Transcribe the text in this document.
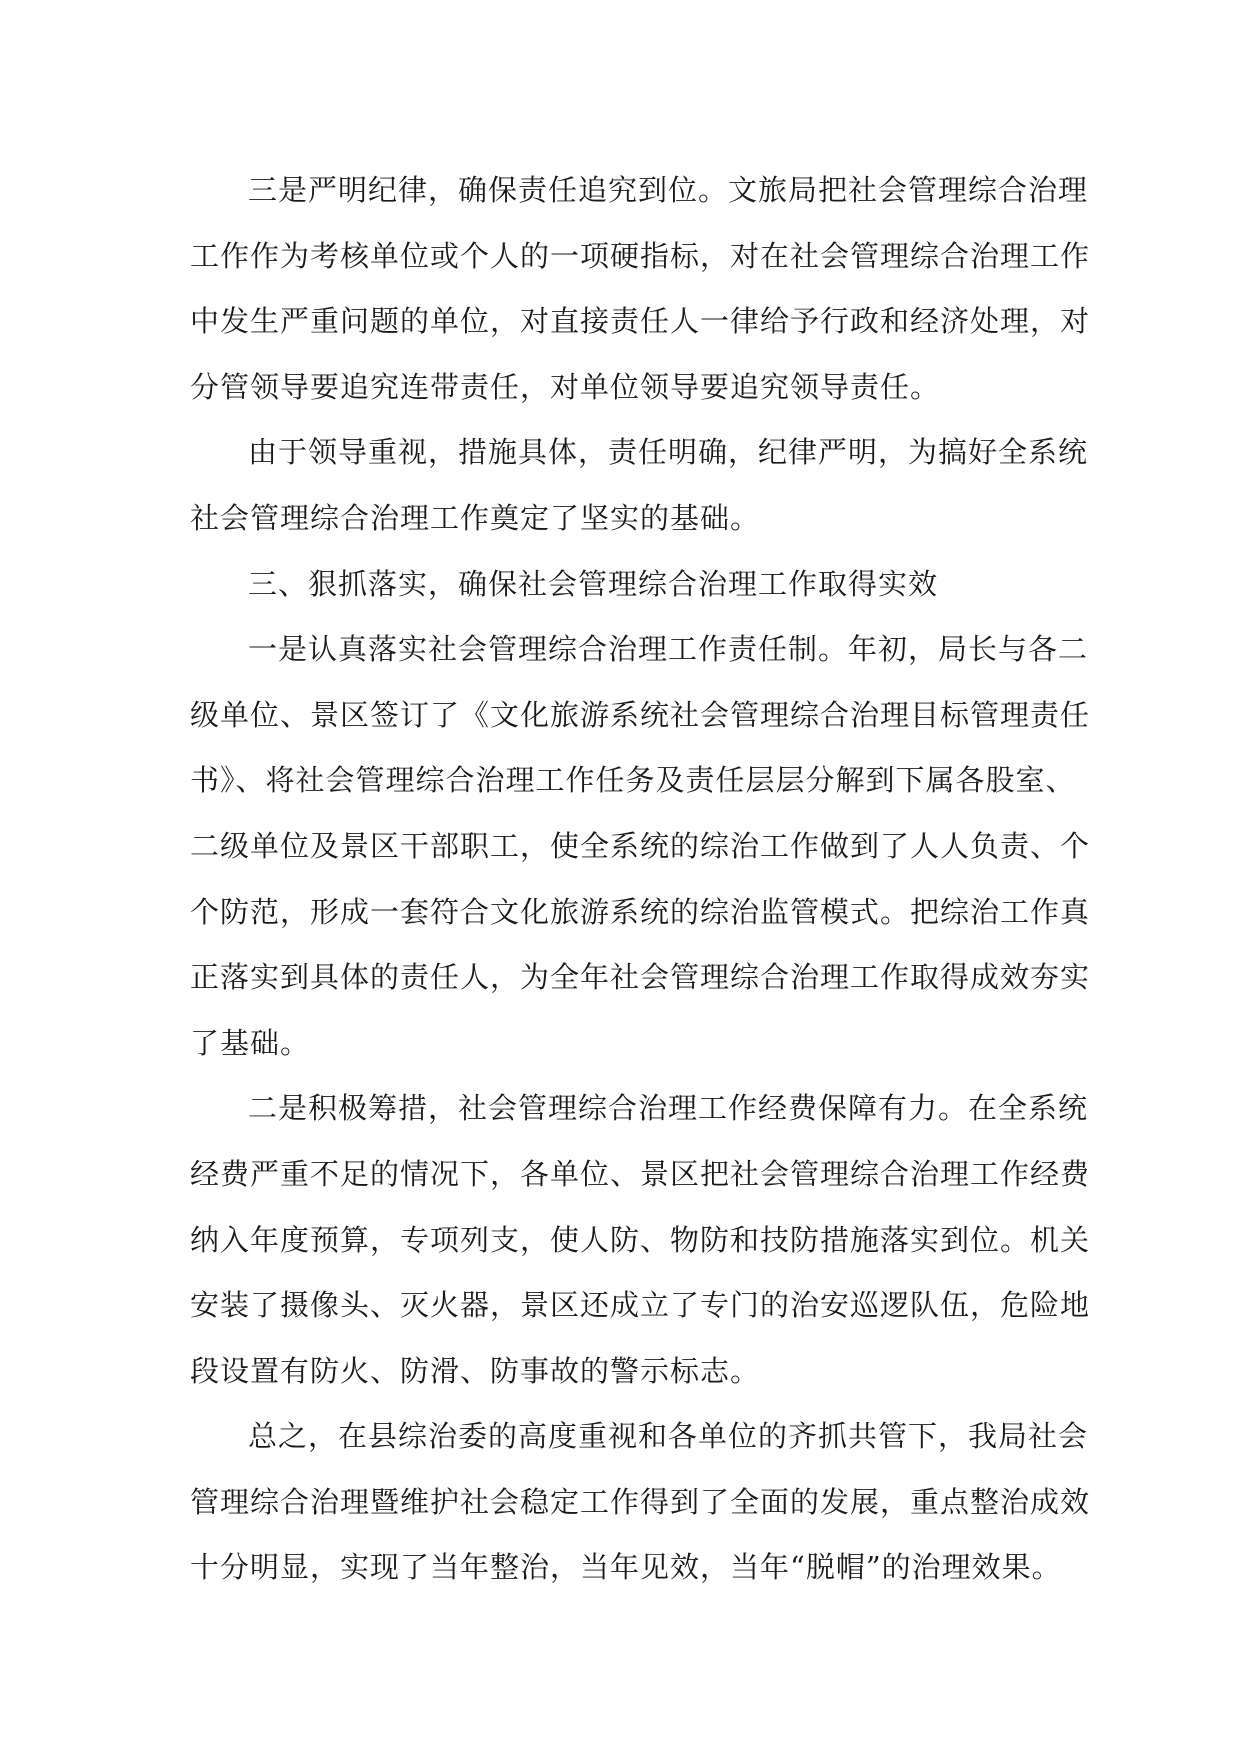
三是严明纪律，确保责任追究到位。文旅局把社会管理综合治理
工作作为考核单位或个人的一项硬指标，对在社会管理综合治理工作
中发生严重问题的单位，对直接责任人一律给予行政和经济处理，对
分管领导要追究连带责任，对单位领导要追究领导责任。
由于领导重视，措施具体，责任明确，纪律严明，为搞好全系统
社会管理综合治理工作奠定了坚实的基础。
三、狠抓落实，确保社会管理综合治理工作取得实效
一是认真落实社会管理综合治理工作责任制。年初，局长与各二
级单位、景区签订了《文化旅游系统社会管理综合治理目标管理责任
书》、将社会管理综合治理工作任务及责任层层分解到下属各股室、
二级单位及景区干部职工，使全系统的综治工作做到了人人负责、个
个防范，形成一套符合文化旅游系统的综治监管模式。把综治工作真
正落实到具体的责任人，为全年社会管理综合治理工作取得成效夯实
了基础。
二是积极筹措，社会管理综合治理工作经费保障有力。在全系统
经费严重不足的情况下，各单位、景区把社会管理综合治理工作经费
纳入年度预算，专项列支，使人防、物防和技防措施落实到位。机关
安装了摄像头、灭火器，景区还成立了专门的治安巡逻队伍，危险地
段设置有防火、防滑、防事故的警示标志。
总之，在县综治委的高度重视和各单位的齐抓共管下，我局社会
管理综合治理暨维护社会稳定工作得到了全面的发展，重点整治成效
十分明显，实现了当年整治，当年见效，当年“脱帽”的治理效果。
